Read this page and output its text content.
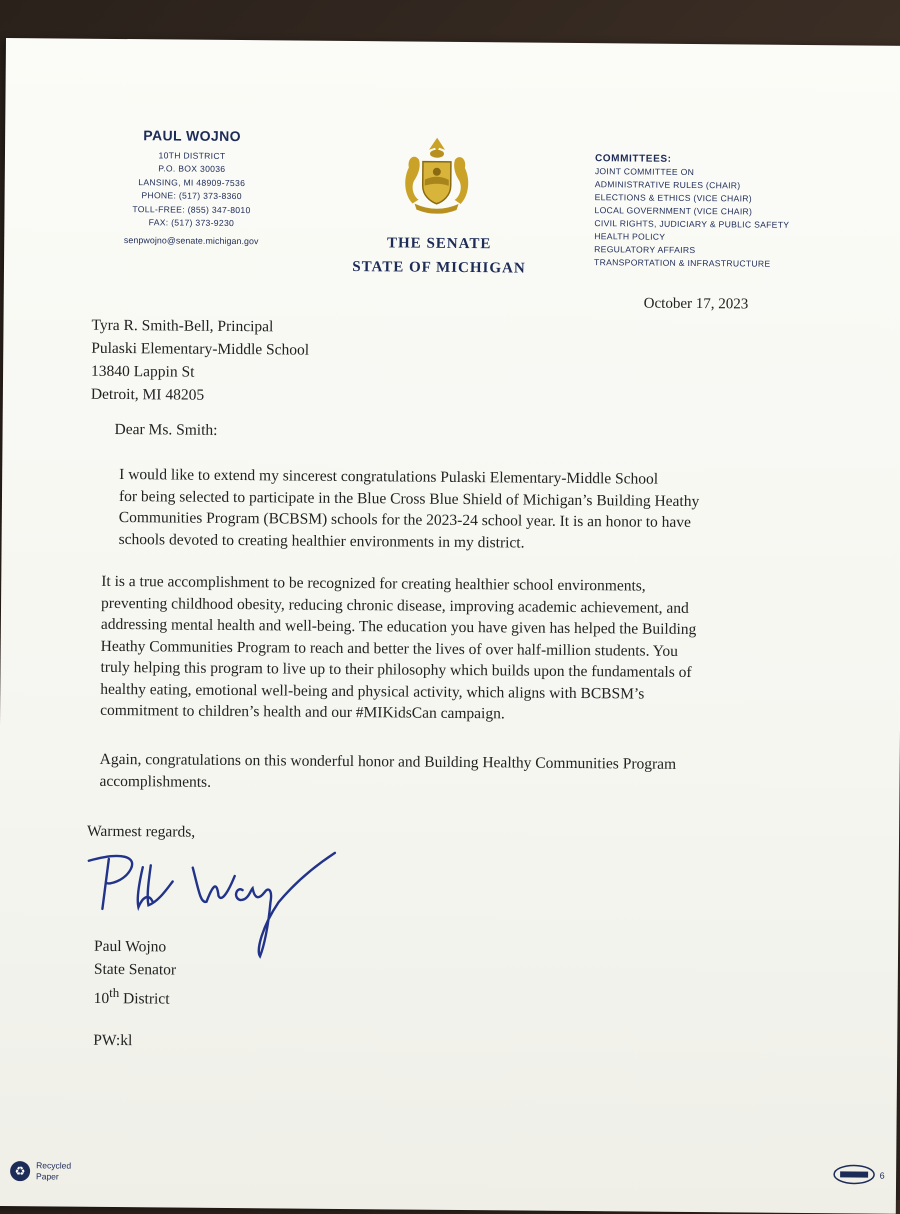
PAUL WOJNO
10TH DISTRICT
P.O. BOX 30036
LANSING, MI 48909-7536
PHONE: (517) 373-8360
TOLL-FREE: (855) 347-8010
FAX: (517) 373-9230
senpwojno@senate.michigan.gov	THE SENATE
STATE OF MICHIGAN
COMMITTEES:
JOINT COMMITTEE ON
ADMINISTRATIVE RULES (CHAIR)
ELECTIONS & ETHICS (VICE CHAIR)
LOCAL GOVERNMENT (VICE CHAIR)
CIVIL RIGHTS, JUDICIARY & PUBLIC SAFETY
HEALTH POLICY
REGULATORY AFFAIRS
TRANSPORTATION & INFRASTRUCTURE
October 17, 2023
Tyra R. Smith-Bell, Principal
Pulaski Elementary-Middle School
13840 Lappin St
Detroit, MI 48205
Dear Ms. Smith:
I would like to extend my sincerest congratulations Pulaski Elementary-Middle School
for being selected to participate in the Blue Cross Blue Shield of Michigan’s Building Heathy
Communities Program (BCBSM) schools for the 2023-24 school year. It is an honor to have
schools devoted to creating healthier environments in my district.
It is a true accomplishment to be recognized for creating healthier school environments,
preventing childhood obesity, reducing chronic disease, improving academic achievement, and
addressing mental health and well-being. The education you have given has helped the Building
Heathy Communities Program to reach and better the lives of over half-million students. You
truly helping this program to live up to their philosophy which builds upon the fundamentals of
healthy eating, emotional well-being and physical activity, which aligns with BCBSM’s
commitment to children’s health and our #MIKidsCan campaign.
Again, congratulations on this wonderful honor and Building Healthy Communities Program
accomplishments.
Warmest regards,
Paul Wojno
State Senator
10th District
PW:kl
♻	Recycled
Paper	6
